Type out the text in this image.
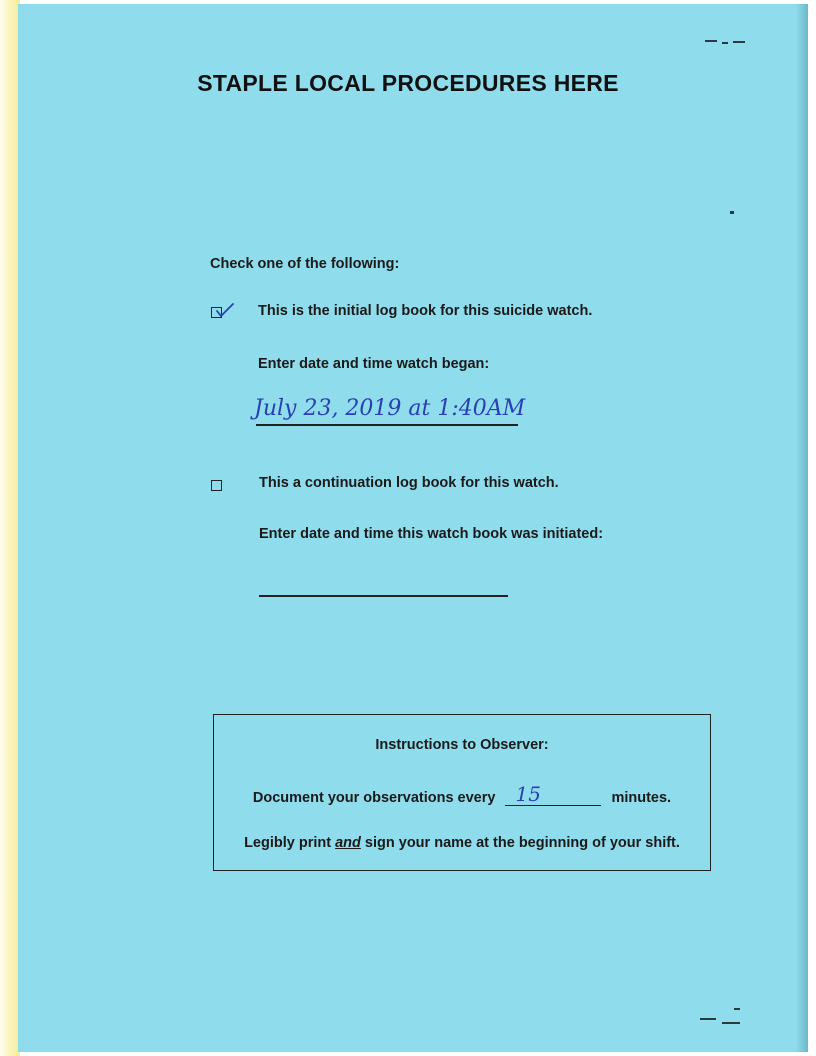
STAPLE LOCAL PROCEDURES HERE
Check one of the following:
This is the initial log book for this suicide watch.
Enter date and time watch began:
July 23, 2019 at 1:40AM
This a continuation log book for this watch.
Enter date and time this watch book was initiated:
Instructions to Observer:
Document your observations every 15	minutes.
Legibly print and sign your name at the beginning of your shift.
